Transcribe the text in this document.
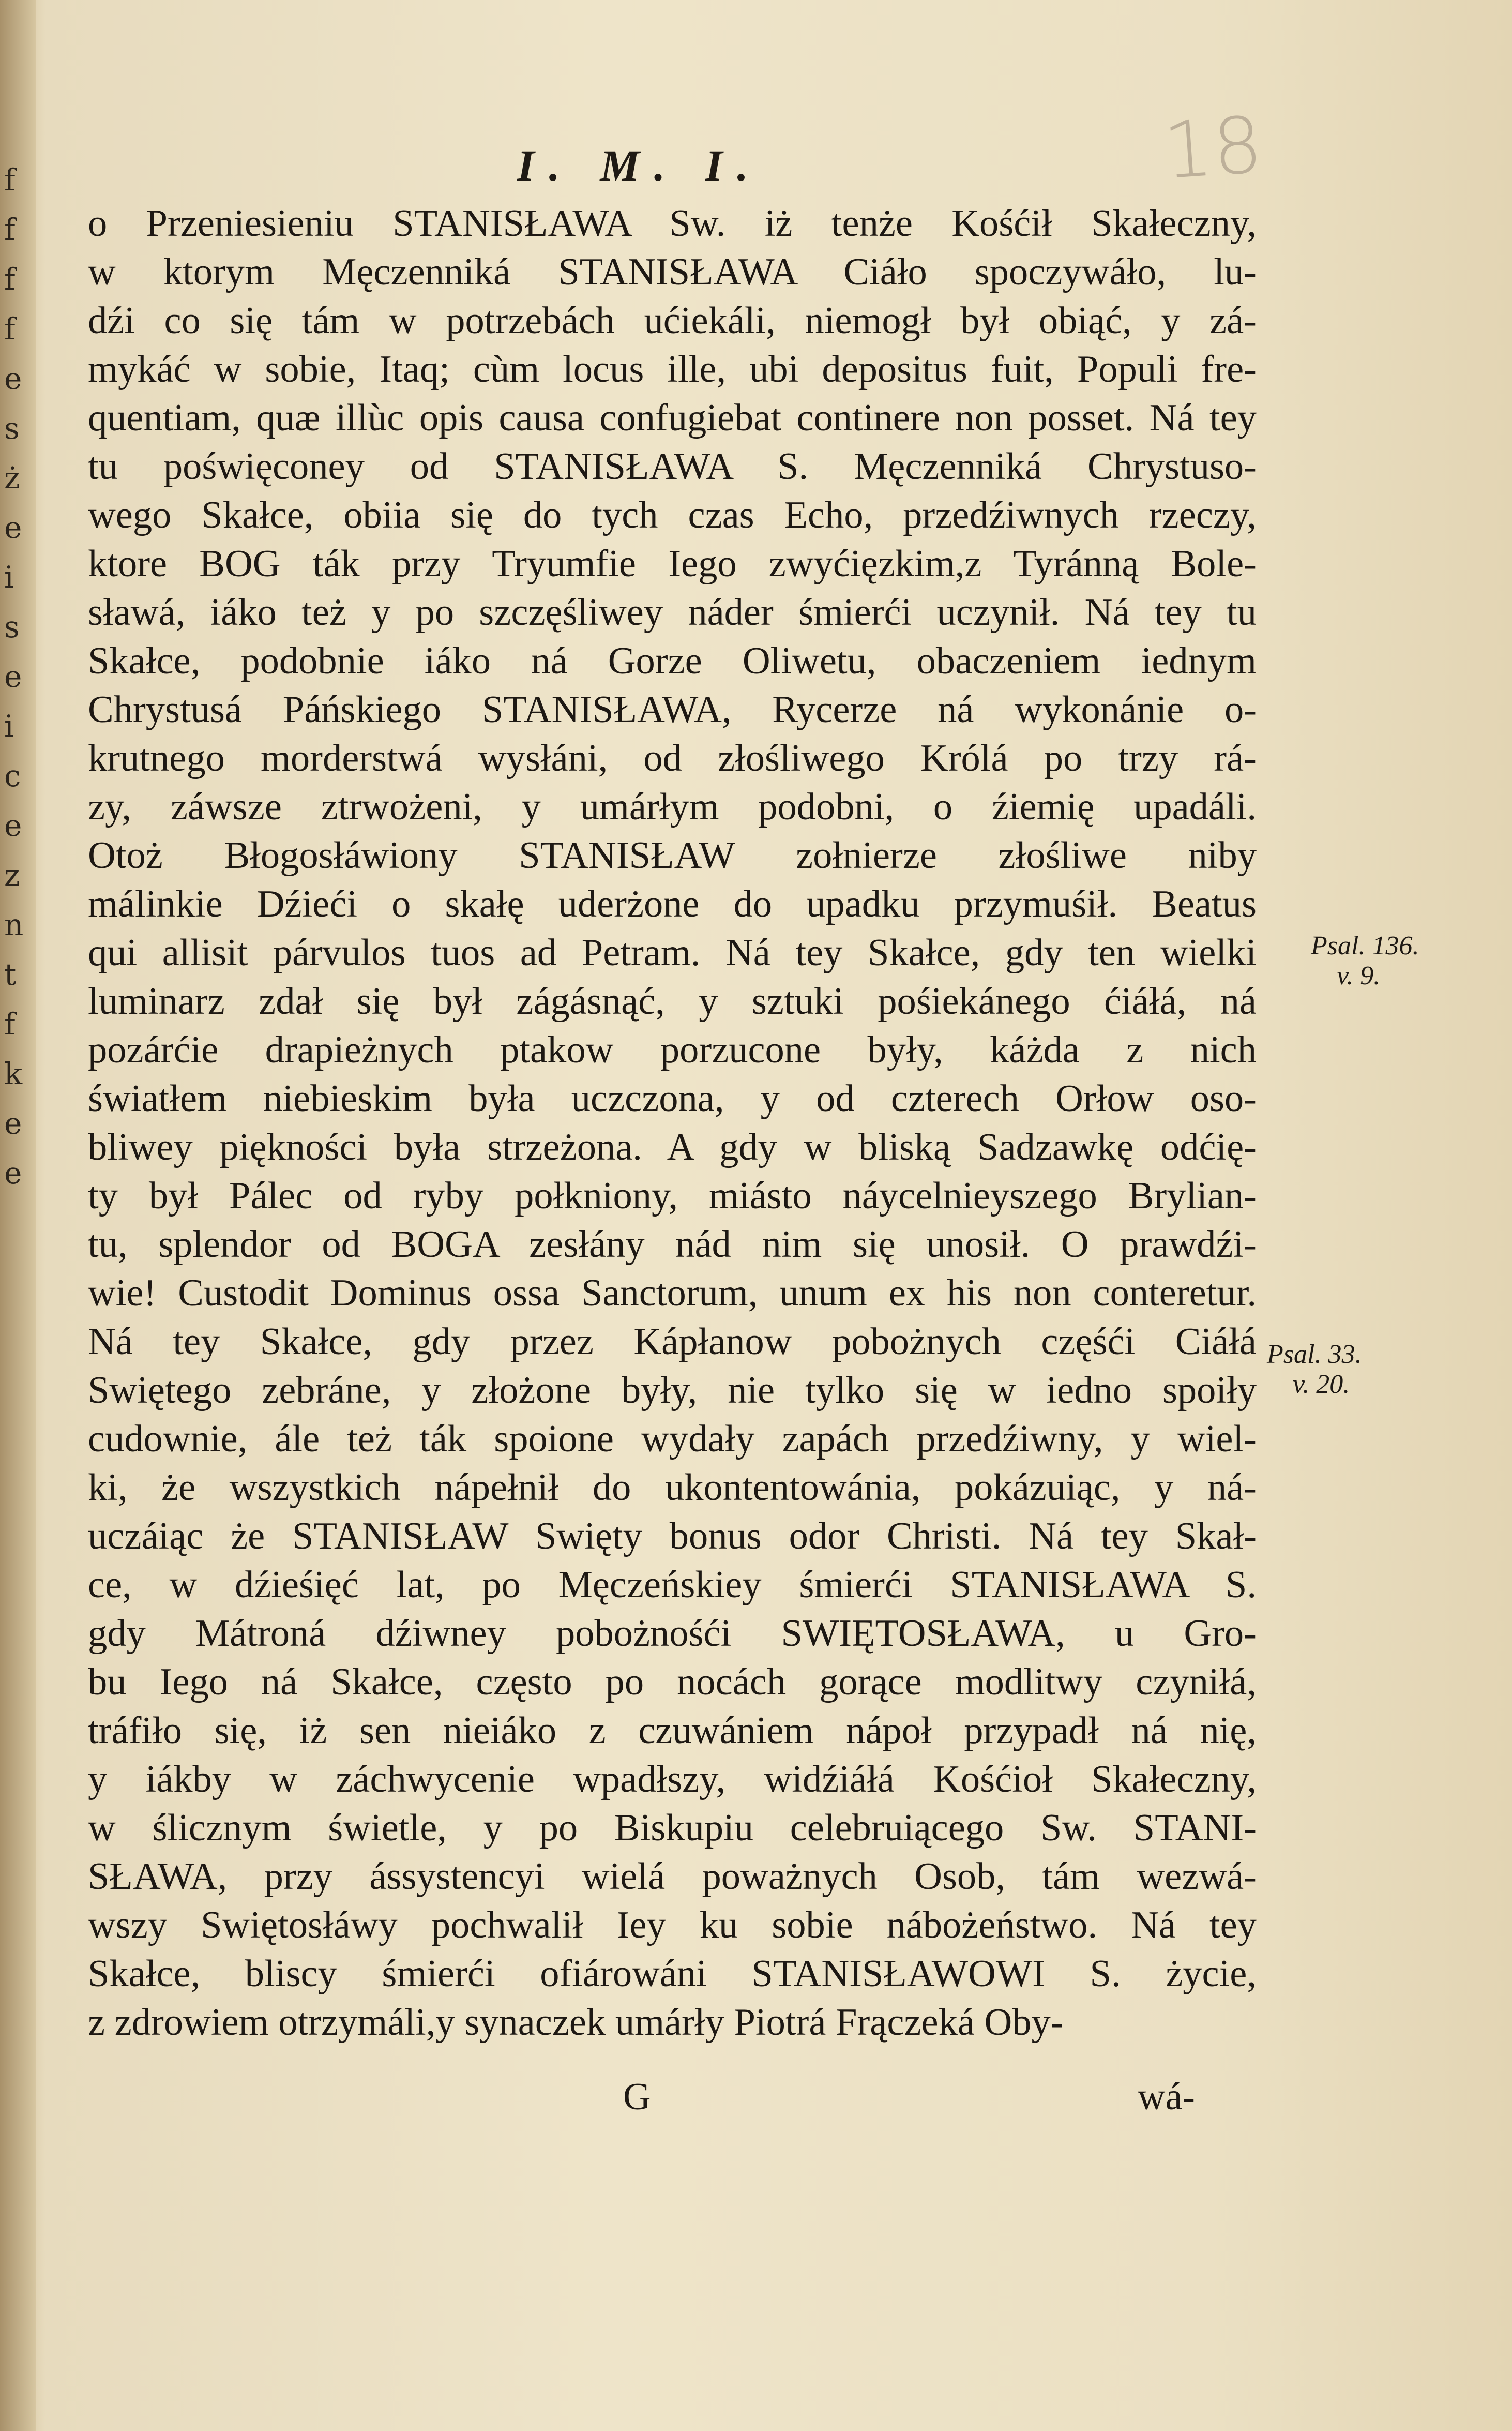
f
f
f
f
e
s
ż
e
i
s
e
i
c
e
z
n
t
f
k
e
e
18
I. M. I.
o Przeniesieniu STANISŁAWA Sw. iż tenże Kośćił Skałeczny,
w ktorym Męczenniká STANISŁAWA Ciáło spoczywáło, lu-
dźi co się tám w potrzebách ućiekáli, niemogł był obiąć, y zá-
mykáć w sobie, Itaq; cùm locus ille, ubi depositus fuit, Populi fre-
quentiam, quæ illùc opis causa confugiebat continere non posset. Ná tey
tu poświęconey od STANISŁAWA S. Męczenniká Chrystuso-
wego Skałce, obiia się do tych czas Echo, przedźiwnych rzeczy,
ktore BOG ták przy Tryumfie Iego zwyćięzkim,z Tyránną Bole-
sławá, iáko też y po szczęśliwey náder śmierći uczynił. Ná tey tu
Skałce, podobnie iáko ná Gorze Oliwetu, obaczeniem iednym
Chrystusá Páńskiego STANISŁAWA, Rycerze ná wykonánie o-
krutnego morderstwá wysłáni, od złośliwego Królá po trzy rá-
zy, záwsze ztrwożeni, y umárłym podobni, o źiemię upadáli.
Otoż Błogosłáwiony STANISŁAW zołnierze złośliwe niby
málinkie Dźieći o skałę uderżone do upadku przymuśił. Beatus
qui allisit párvulos tuos ad Petram. Ná tey Skałce, gdy ten wielki
luminarz zdał się był zágásnąć, y sztuki pośiekánego ćiáłá, ná
pozárćie drapieżnych ptakow porzucone były, káżda z nich
światłem niebieskim była uczczona, y od czterech Orłow oso-
bliwey piękności była strzeżona. A gdy w bliską Sadzawkę odćię-
ty był Pálec od ryby połkniony, miásto náycelnieyszego Brylian-
tu, splendor od BOGA zesłány nád nim się unosił. O prawdźi-
wie! Custodit Dominus ossa Sanctorum, unum ex his non conteretur.
Ná tey Skałce, gdy przez Kápłanow pobożnych częśći Ciáłá
Swiętego zebráne, y złożone były, nie tylko się w iedno spoiły
cudownie, ále też ták spoione wydały zapách przedźiwny, y wiel-
ki, że wszystkich nápełnił do ukontentowánia, pokázuiąc, y ná-
uczáiąc że STANISŁAW Swięty bonus odor Christi. Ná tey Skał-
ce, w dźieśięć lat, po Męczeńskiey śmierći STANISŁAWA S.
gdy Mátroná dźiwney pobożnośći SWIĘTOSŁAWA, u Gro-
bu Iego ná Skałce, często po nocách gorące modlitwy czyniłá,
tráfiło się, iż sen nieiáko z czuwániem nápoł przypadł ná nię,
y iákby w záchwycenie wpadłszy, widźiáłá Kośćioł Skałeczny,
w ślicznym świetle, y po Biskupiu celebruiącego Sw. STANI-
SŁAWA, przy ássystencyi wielá poważnych Osob, tám wezwá-
wszy Swiętosłáwy pochwalił Iey ku sobie nábożeństwo. Ná tey
Skałce, bliscy śmierći ofiárowáni STANISŁAWOWI S. życie,
z zdrowiem otrzymáli,y synaczek umárły Piotrá Frączeká Oby-
Psal. 136.
v. 9.
Psal. 33.
v. 20.
G	wá-
